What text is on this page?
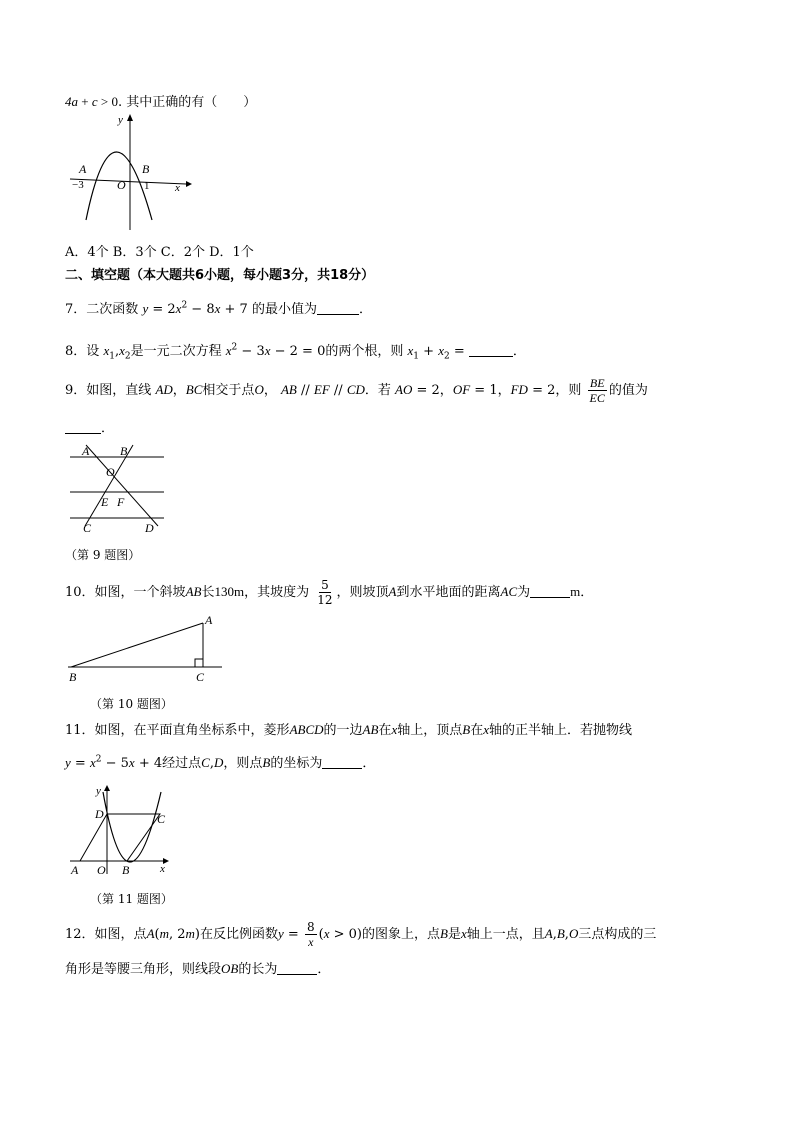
4a + c > 0. 其中正确的有（　　）
y
x
A	B
−3	O 1
A．4个 B．3个 C．2个 D．1个
二、填空题（本大题共6小题，每小题3分，共18分）
7．二次函数 $y = 2x^2 - 8x + 7$ 的最小值为	．
8．设 $x_1,x_2$是一元二次方程 $x^2 - 3x - 2 = 0$的两个根，则 $x_1 + x_2$ =	．
9．如图，直线 AD，BC相交于点O， AB // EF // CD．若 AO = 2，OF = 1，FD = 2，则 $\frac{BE}{EC}$ 的值为
．
A	B
O
E F
C	D
（第 9 题图）
10．如图，一个斜坡AB长130m，其坡度为 $\frac{5}{12}$ ，则坡顶A到水平地面的距离AC为	m．
A
B	C
（第 10 题图）
11．如图，在平面直角坐标系中，菱形ABCD的一边AB在x轴上，顶点B在x轴的正半轴上．若抛物线
$y = x^2 - 5x + 4$经过点C,D，则点B的坐标为	．
y
x
D	C
A O B
（第 11 题图）
12．如图，点A(m, 2m)在反比例函数$y = \frac{8}{x} (x > 0)$的图象上，点B是x轴上一点，且A,B,O三点构成的三
角形是等腰三角形，则线段OB的长为	．
